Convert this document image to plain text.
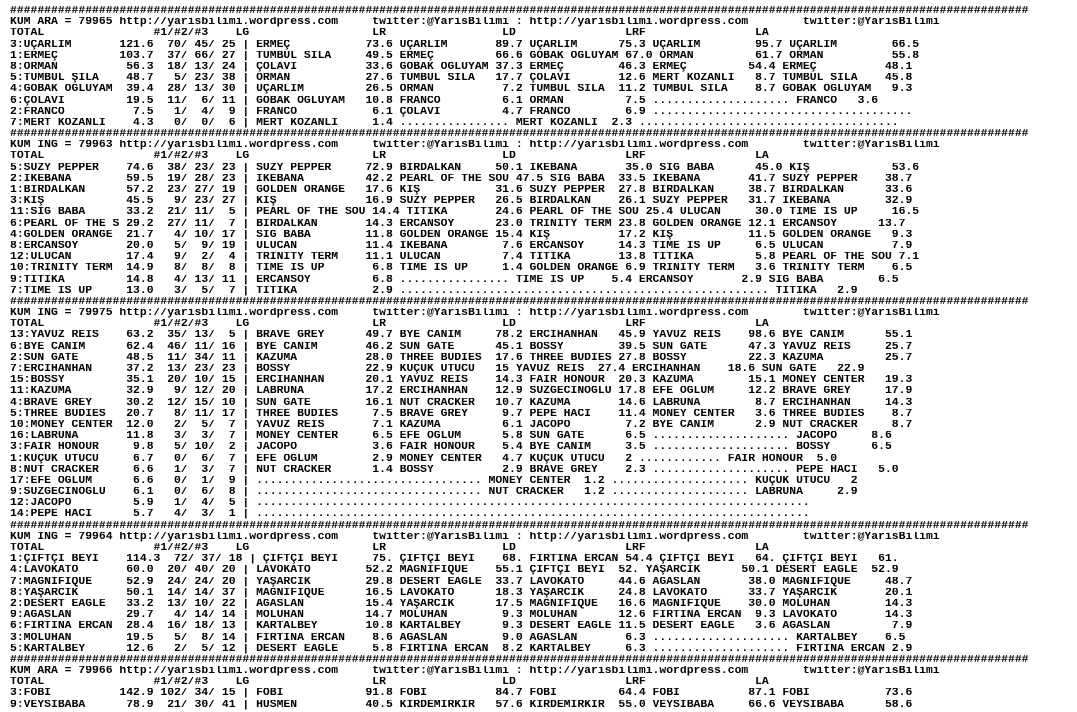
#####################################################################################################################################################
KUM ARA = 79965 http://yarisbilimi.wordpress.com     twitter:@YarisBilimi : http://yarisbilimi.wordpress.com        twitter:@YarisBilimi
TOTAL                #1/#2/#3    LG                  LR                 LD                LRF                LA
3:UÇARLIM       121.6  70/ 45/ 25 | ERMEÇ           73.6 UÇARLIM       89.7 UÇARLIM      75.3 UÇARLIM        95.7 UÇARLIM        66.5
1:ERMEÇ         103.7  37/ 66/ 27 | TUMBUL SILA     49.5 ERMEÇ         66.6 GOBAK OĞLUYAM 67.0 ORMAN         61.7 ORMAN          55.8
8:ORMAN          56.3  18/ 13/ 24 | ÇOLAVI          33.6 GOBAK OĞLUYAM 37.3 ERMEÇ        46.3 ERMEÇ         54.4 ERMEÇ          48.1
5:TUMBUL ŞILA    48.7   5/ 23/ 38 | ORMAN           27.6 TUMBUL SILA   17.7 ÇOLAVI       12.6 MERT KOZANLI   8.7 TUMBUL SILA    45.8
4:GOBAK OĞLUYAM  39.4  28/ 13/ 30 | UÇARLIM         26.5 ORMAN          7.2 TUMBUL SILA  11.2 TUMBUL SILA    8.7 GOBAK OĞLUYAM   9.3
6:ÇOLAVI         19.5  11/  6/ 11 | GOBAK OĞLUYAM   10.8 FRANCO         6.1 ORMAN         7.5 .................... FRANCO   3.6
2:FRANCO          7.5   1/  4/  9 | FRANCO           6.1 ÇOLAVI         4.7 FRANCO        6.9 ......................................
7:MERT KOZANLI    4.3   0/  0/  6 | MERT KOZANLI     1.4 ................ MERT KOZANLI  2.3 ......................................
#####################################################################################################################################################
KUM ING = 79963 http://yarisbilimi.wordpress.com     twitter:@YarisBilimi : http://yarisbilimi.wordpress.com        twitter:@YarisBilimi
TOTAL                #1/#2/#3    LG                  LR                 LD                LRF                LA
5:SUZY PEPPER    74.6  38/ 23/ 23 | SUZY PEPPER     72.9 BİRDALKAN     50.1 İKEBANA       35.0 SIĞ BABA      45.0 KIŞ            53.6
2:İKEBANA        59.5  19/ 28/ 23 | İKEBANA         42.2 PEARL OF THE SOU 47.5 SIĞ BABA  33.5 İKEBANA       41.7 SUZY PEPPER    38.7
1:BİRDALKAN      57.2  23/ 27/ 19 | GOLDEN ORANGE   17.6 KIŞ           31.6 SUZY PEPPER  27.8 BİRDALKAN     38.7 BİRDALKAN      33.6
3:KIŞ            45.5   9/ 23/ 27 | KIŞ             16.9 SUZY PEPPER   26.5 BİRDALKAN    26.1 SUZY PEPPER   31.7 İKEBANA        32.9
11:SIĞ BABA      33.2  21/ 11/  5 | PEARL OF THE SOU 14.4 TİTİKA       24.6 PEARL OF THE SOU 25.4 ULUCAN     30.0 TIME IS UP     16.5
6:PEARL OF THE S 29.2  27/ 11/  7 | BİRDALKAN       14.3 ERCANSOY      23.0 TRINITY TERM 23.8 GOLDEN ORANGE 12.1 ERCANSOY      13.7
4:GOLDEN ORANGE  21.7   4/ 10/ 17 | SIĞ BABA        11.8 GOLDEN ORANGE 15.4 KIŞ          17.2 KIŞ           11.5 GOLDEN ORANGE   9.3
8:ERCANSOY       20.0   5/  9/ 19 | ULUCAN          11.4 İKEBANA        7.6 ERCANSOY     14.3 TIME IS UP     6.5 ULUCAN          7.9
12:ULUCAN        17.4   9/  2/  4 | TRINITY TERM    11.1 ULUCAN         7.4 TİTİKA       13.8 TİTİKA         5.8 PEARL OF THE SOU 7.1
10:TRINITY TERM  14.9   8/  8/  8 | TIME IS UP       6.8 TIME IS UP     1.4 GOLDEN ORANGE 6.9 TRINITY TERM   3.6 TRINITY TERM    6.5
9:TİTİKA         14.8   4/ 13/ 11 | ERCANSOY         6.8 ................ TIME IS UP    5.4 ERCANSOY       2.9 SIĞ BABA        6.5
7:TIME IS UP     13.0   3/  5/  7 | TİTİKA           2.9 ...................................................... TİTİKA   2.9
#####################################################################################################################################################
KUM ING = 79975 http://yarisbilimi.wordpress.com     twitter:@YarisBilimi : http://yarisbilimi.wordpress.com        twitter:@YarisBilimi
TOTAL                #1/#2/#3    LG                  LR                 LD                LRF                LA
13:YAVUZ REİS    63.2  35/ 13/  5 | BRAVE GREY      49.7 BYE CANIM     78.2 ERCİHANHAN   45.9 YAVUZ REİS    98.6 BYE CANIM      55.1
6:BYE CANIM      62.4  46/ 11/ 16 | BYE CANIM       46.2 SUN GATE      45.1 BOSSY        39.5 SUN GATE      47.3 YAVUZ REİS     25.7
2:SUN GATE       48.5  11/ 34/ 11 | KAZUMA          28.0 THREE BUDIES  17.6 THREE BUDIES 27.8 BOSSY         22.3 KAZUMA         25.7
7:ERCİHANHAN     37.2  13/ 23/ 23 | BOSSY           22.9 KÜÇÜK ÜTÜCÜ   15 YAVUZ REİS  27.4 ERCİHANHAN    18.6 SUN GATE   22.9
15:BOSSY         35.1  20/ 10/ 15 | ERCİHANHAN      20.1 YAVUZ REİS    14.3 FAIR HONOUR  20.3 KAZUMA        15.1 MONEY CENTER   19.3
11:KAZUMA        32.9   9/ 12/ 20 | LABRUNA         17.2 ERCİHANHAN    12.9 SÜZGECİNOĞLU 17.8 EFE OĞLUM     12.2 BRAVE GREY     17.9
4:BRAVE GREY     30.2  12/ 15/ 10 | SUN GATE        16.1 NUT CRACKER   10.7 KAZUMA       14.6 LABRUNA        8.7 ERCİHANHAN     14.3
5:THREE BUDIES   20.7   8/ 11/ 17 | THREE BUDIES     7.5 BRAVE GREY     9.7 PEPE HACI    11.4 MONEY CENTER   3.6 THREE BUDIES    8.7
10:MONEY CENTER  12.0   2/  5/  7 | YAVUZ REİS       7.1 KAZUMA         6.1 JACOPO        7.2 BYE CANIM      2.9 NUT CRACKER     8.7
16:LABRUNA       11.8   3/  3/  7 | MONEY CENTER     6.5 EFE OĞLUM      5.8 SUN GATE      6.5 .................... JACOPO     8.6
3:FAIR HONOUR     9.8   5/ 10/  2 | JACOPO           3.6 FAIR HONOUR    5.4 BYE CANIM     3.5 .................... BOSSY      6.5
1:KÜÇÜK ÜTÜCÜ     6.7   0/  6/  7 | EFE OĞLUM        2.9 MONEY CENTER   4.7 KÜÇÜK ÜTÜCÜ   2 ............ FAIR HONOUR  5.0
8:NUT CRACKER     6.6   1/  3/  7 | NUT CRACKER      1.4 BOSSY          2.9 BRAVE GREY    2.3 .................... PEPE HACI   5.0
17:EFE OĞLUM      6.6   0/  1/  9 | ................................. MONEY CENTER  1.2 .................... KÜÇÜK ÜTÜCÜ   2
9:SÜZGECİNOĞLU    6.1   0/  6/  8 | ................................. NUT CRACKER   1.2 .................... LABRUNA     2.9
12:JACOPO         5.9   1/  4/  5 | .................................................................................
14:PEPE HACI      5.7   4/  3/  1 | .................................................................................
#####################################################################################################################################################
KUM ING = 79964 http://yarisbilimi.wordpress.com     twitter:@YarisBilimi : http://yarisbilimi.wordpress.com        twitter:@YarisBilimi
TOTAL                #1/#2/#3    LG                  LR                 LD                LRF                LA
1:ÇİFTÇİ BEYİ    114.3  72/ 37/ 18 | ÇİFTÇİ BEYİ     75. ÇİFTÇİ BEYİ    68. FIRTINA ERCAN 54.4 ÇİFTÇİ BEYİ   64. ÇİFTÇİ BEYİ   61.
4:LAVOKATO       60.0  20/ 40/ 20 | LAVOKATO        52.2 MAGNİFİQUE    55.1 ÇİFTÇİ BEYİ  52. YAŞARCIK      50.1 DESERT EAGLE  52.9
7:MAGNİFİQUE     52.9  24/ 24/ 20 | YAŞARCIK        29.8 DESERT EAGLE  33.7 LAVOKATO     44.6 AĞASLAN       38.0 MAGNİFİQUE     48.7
8:YAŞARCIK       50.1  14/ 14/ 37 | MAGNİFİQUE      16.5 LAVOKATO      18.3 YAŞARCIK     24.8 LAVOKATO      33.7 YAŞARCIK       20.1
2:DESERT EAGLE   33.2  13/ 10/ 22 | AĞASLAN         15.4 YAŞARCIK      17.5 MAGNİFİQUE   16.6 MAGNİFİQUE    30.0 MOLUHAN        14.3
9:AĞASLAN        29.7   4/ 14/ 14 | MOLUHAN         14.7 MOLUHAN        9.3 MOLUHAN      12.6 FIRTINA ERCAN  9.3 LAVOKATO       14.3
6:FIRTINA ERCAN  28.4  16/ 18/ 13 | KARTALBEY       10.8 KARTALBEY      9.3 DESERT EAGLE 11.5 DESERT EAGLE   3.6 AĞASLAN         7.9
3:MOLUHAN        19.5   5/  8/ 14 | FIRTINA ERCAN    8.6 AĞASLAN        9.0 AĞASLAN       6.3 .................... KARTALBEY    6.5
5:KARTALBEY      12.6   2/  5/ 12 | DESERT EAGLE     5.8 FIRTINA ERCAN  8.2 KARTALBEY     6.3 .................... FIRTINA ERCAN 2.9
#####################################################################################################################################################
KUM ARA = 79966 http://yarisbilimi.wordpress.com     twitter:@YarisBilimi : http://yarisbilimi.wordpress.com        twitter:@YarisBilimi
TOTAL                #1/#2/#3    LG                  LR                 LD                LRF                LA
3:FOBİ          142.9 102/ 34/ 15 | FOBİ            91.8 FOBİ          84.7 FOBİ         64.4 FOBİ          87.1 FOBİ           73.6
9:VEYSİBABA      78.9  21/ 30/ 41 | HÜSMEN          40.5 KIRDEMİRKIR   57.6 KIRDEMİRKIR  55.0 VEYSİBABA     66.6 VEYSİBABA      58.6
